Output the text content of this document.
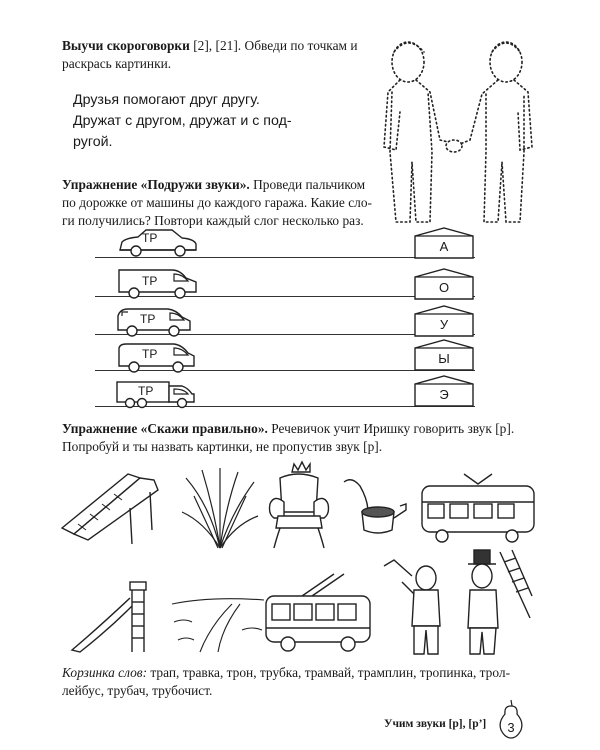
Выучи скороговорки [2], [21]. Обведи по точкам и
раскрась картинки.
Друзья помогают друг другу.
Дружат с другом, дружат и с под-
ругой.
Упражнение «Подружи звуки». Проведи пальчиком
по дорожке от машины до каждого гаража. Какие сло-
ги получились? Повтори каждый слог несколько раз.
ТР
ТР
ТР
ТР
ТР
А
О
У
Ы
Э
Упражнение «Скажи правильно». Речевичок учит Иришку говорить звук [р].
Попробуй и ты назвать картинки, не пропустив звук [р].
Корзинка слов: трап, травка, трон, трубка, трамвай, трамплин, тропинка, трол-
лейбус, трубач, трубочист.
Учим звуки [р], [р’]	3
